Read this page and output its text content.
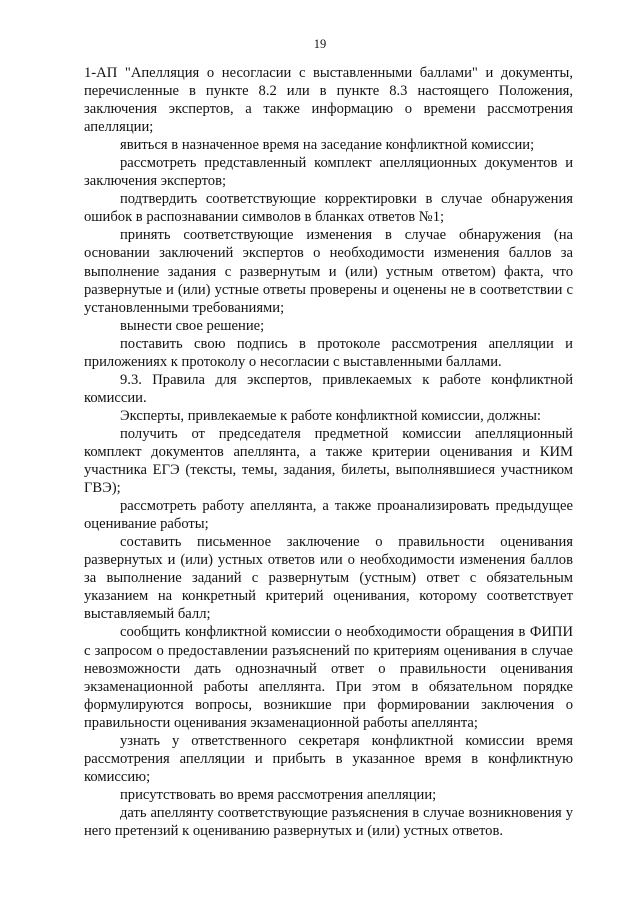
19

1-АП "Апелляция о несогласии с выставленными баллами" и документы, перечисленные в пункте 8.2 или в пункте 8.3 настоящего Положения, заключения экспертов, а также информацию о времени рассмотрения апелляции;

явиться в назначенное время на заседание конфликтной комиссии;

рассмотреть представленный комплект апелляционных документов и заключения экспертов;

подтвердить соответствующие корректировки в случае обнаружения ошибок в распознавании символов в бланках ответов №1;

принять соответствующие изменения в случае обнаружения (на основании заключений экспертов о необходимости изменения баллов за выполнение задания с развернутым и (или) устным ответом) факта, что развернутые и (или) устные ответы проверены и оценены не в соответствии с установленными требованиями;

вынести свое решение;

поставить свою подпись в протоколе рассмотрения апелляции и приложениях к протоколу о несогласии с выставленными баллами.

9.3. Правила для экспертов, привлекаемых к работе конфликтной комиссии.

Эксперты, привлекаемые к работе конфликтной комиссии, должны:

получить от председателя предметной комиссии апелляционный комплект документов апеллянта, а также критерии оценивания и КИМ участника ЕГЭ (тексты, темы, задания, билеты, выполнявшиеся участником ГВЭ);

рассмотреть работу апеллянта, а также проанализировать предыдущее оценивание работы;

составить письменное заключение о правильности оценивания развернутых и (или) устных ответов или о необходимости изменения баллов за выполнение заданий с развернутым (устным) ответ с обязательным указанием на конкретный критерий оценивания, которому соответствует выставляемый балл;

сообщить конфликтной комиссии о необходимости обращения в ФИПИ с запросом о предоставлении разъяснений по критериям оценивания в случае невозможности дать однозначный ответ о правильности оценивания экзаменационной работы апеллянта. При этом в обязательном порядке формулируются вопросы, возникшие при формировании заключения о правильности оценивания экзаменационной работы апеллянта;

узнать у ответственного секретаря конфликтной комиссии время рассмотрения апелляции и прибыть в указанное время в конфликтную комиссию;

присутствовать во время рассмотрения апелляции;

дать апеллянту соответствующие разъяснения в случае возникновения у него претензий к оцениванию развернутых и (или) устных ответов.
